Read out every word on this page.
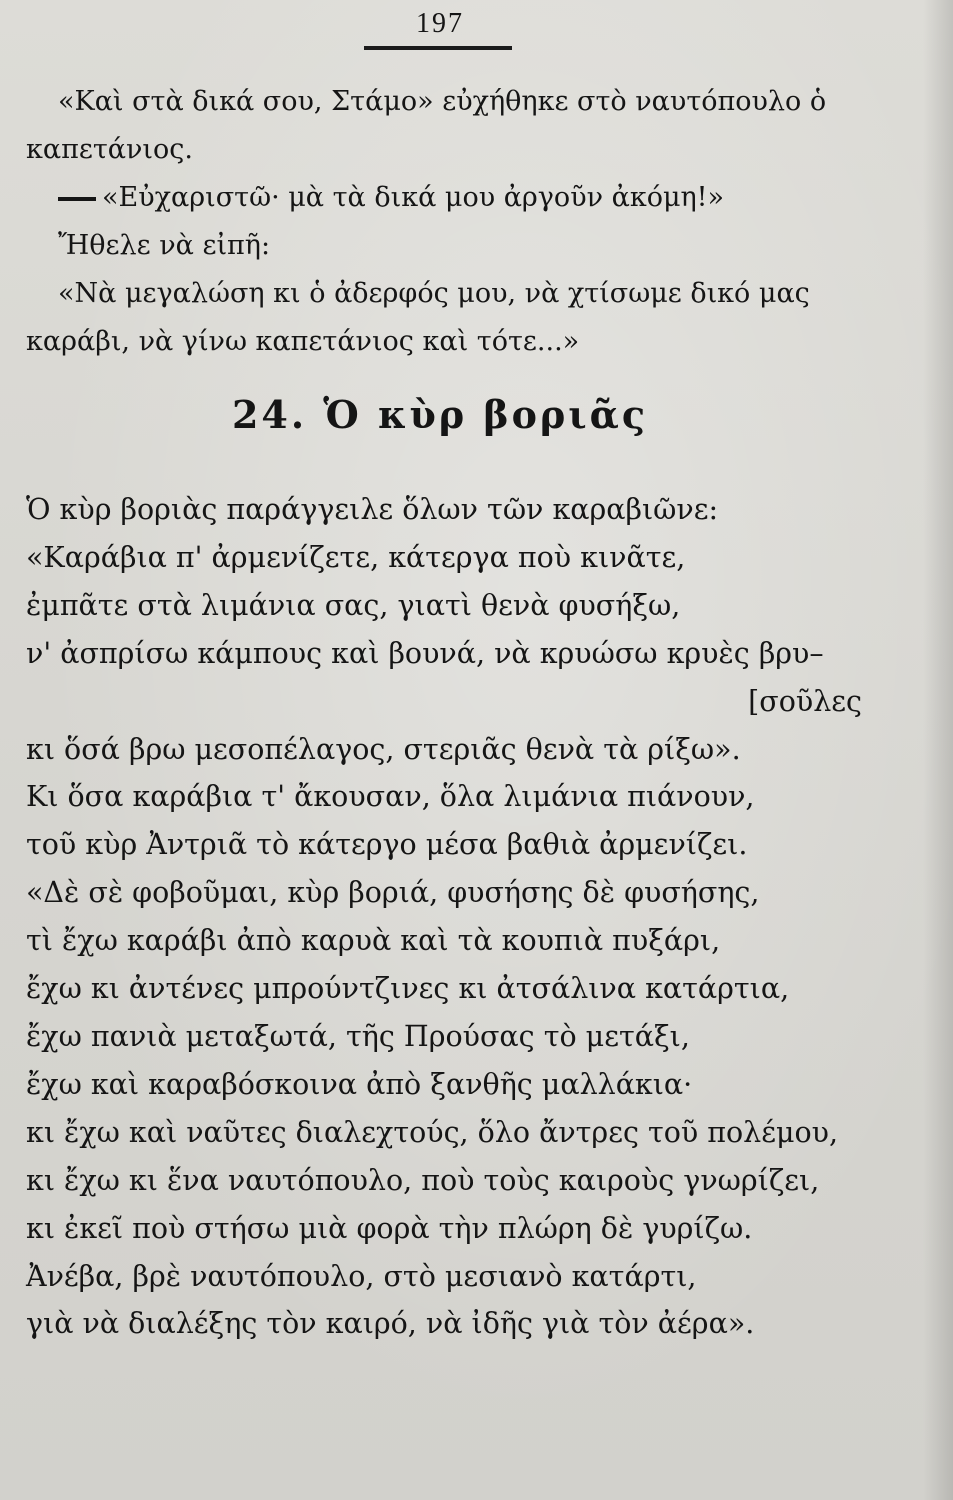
197

«Καὶ στὰ δικά σου, Στάμο» εὐχήθηκε στὸ ναυτόπουλο ὁ

καπετάνιος.

«Εὐχαριστῶ· μὰ τὰ δικά μου ἀργοῦν ἀκόμη!»

Ἤθελε νὰ εἰπῆ:

«Νὰ μεγαλώση κι ὁ ἀδερφός μου, νὰ χτίσωμε δικό μας

καράβι, νὰ γίνω καπετάνιος καὶ τότε...»

24. Ὁ κὺρ βοριᾶς

Ὁ κὺρ βοριὰς παράγγειλε ὅλων τῶν καραβιῶνε:

«Καράβια π' ἀρμενίζετε, κάτεργα ποὺ κινᾶτε,

ἐμπᾶτε στὰ λιμάνια σας, γιατὶ θενὰ φυσήξω,

ν' ἀσπρίσω κάμπους καὶ βουνά, νὰ κρυώσω κρυὲς βρυ–

[σοῦλες

κι ὅσά βρω μεσοπέλαγος, στεριᾶς θενὰ τὰ ρίξω».

Κι ὅσα καράβια τ' ἄκουσαν, ὅλα λιμάνια πιάνουν,

τοῦ κὺρ Ἀντριᾶ τὸ κάτεργο μέσα βαθιὰ ἀρμενίζει.

«Δὲ σὲ φοβοῦμαι, κὺρ βοριά, φυσήσης δὲ φυσήσης,

τὶ ἔχω καράβι ἀπὸ καρυὰ καὶ τὰ κουπιὰ πυξάρι,

ἔχω κι ἀντένες μπρούντζινες κι ἀτσάλινα κατάρτια,

ἔχω πανιὰ μεταξωτά, τῆς Προύσας τὸ μετάξι,

ἔχω καὶ καραβόσκοινα ἀπὸ ξανθῆς μαλλάκια·

κι ἔχω καὶ ναῦτες διαλεχτούς, ὅλο ἄντρες τοῦ πολέμου,

κι ἔχω κι ἕνα ναυτόπουλο, ποὺ τοὺς καιροὺς γνωρίζει,

κι ἐκεῖ ποὺ στήσω μιὰ φορὰ τὴν πλώρη δὲ γυρίζω.

Ἀνέβα, βρὲ ναυτόπουλο, στὸ μεσιανὸ κατάρτι,

γιὰ νὰ διαλέξης τὸν καιρό, νὰ ἰδῆς γιὰ τὸν ἀέρα».
